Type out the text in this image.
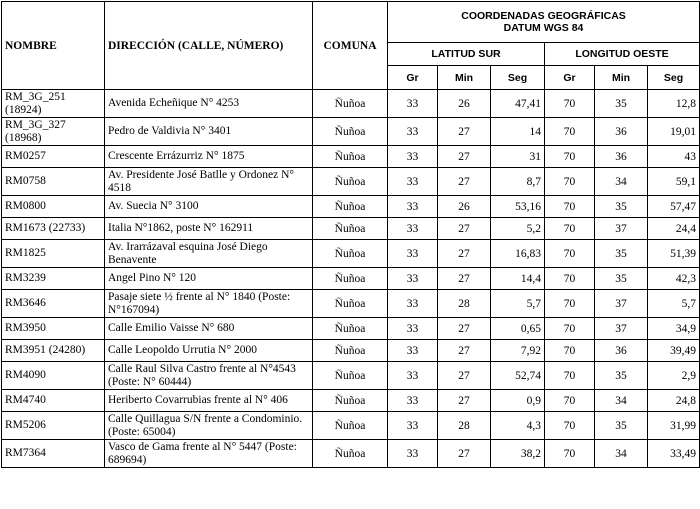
NOMBRE	DIRECCIÓN (CALLE, NÚMERO)	COMUNA	COORDENADAS GEOGRÁFICAS
DATUM WGS 84					

			LATITUD SUR			LONGITUD OESTE		
			Gr	Min	Seg	Gr	Min	Seg
RM_3G_251 (18924)	Avenida Echeñique N° 4253	Ñuñoa	33	26	47,41	70	35	12,8
RM_3G_327 (18968)	Pedro de Valdivia N° 3401	Ñuñoa	33	27	14	70	36	19,01
RM0257	Crescente Errázurriz N° 1875	Ñuñoa	33	27	31	70	36	43
RM0758	Av. Presidente José Batlle y Ordonez N° 4518	Ñuñoa	33	27	8,7	70	34	59,1
RM0800	Av. Suecia N° 3100	Ñuñoa	33	26	53,16	70	35	57,47
RM1673 (22733)	Italia N°1862, poste N° 162911	Ñuñoa	33	27	5,2	70	37	24,4
RM1825	Av. Irarrázaval esquina José Diego Benavente	Ñuñoa	33	27	16,83	70	35	51,39
RM3239	Angel Pino N° 120	Ñuñoa	33	27	14,4	70	35	42,3
RM3646	Pasaje siete ½ frente al N° 1840 (Poste: N°167094)	Ñuñoa	33	28	5,7	70	37	5,7
RM3950	Calle Emilio Vaisse N° 680	Ñuñoa	33	27	0,65	70	37	34,9
RM3951 (24280)	Calle Leopoldo Urrutia N° 2000	Ñuñoa	33	27	7,92	70	36	39,49
RM4090	Calle Raul Silva Castro frente al N°4543 (Poste: N° 60444)	Ñuñoa	33	27	52,74	70	35	2,9
RM4740	Heriberto Covarrubias frente al N° 406	Ñuñoa	33	27	0,9	70	34	24,8
RM5206	Calle Quillagua S/N frente a Condominio.(Poste: 65004)	Ñuñoa	33	28	4,3	70	35	31,99
RM7364	Vasco de Gama frente al N° 5447 (Poste: 689694)	Ñuñoa	33	27	38,2	70	34	33,49
